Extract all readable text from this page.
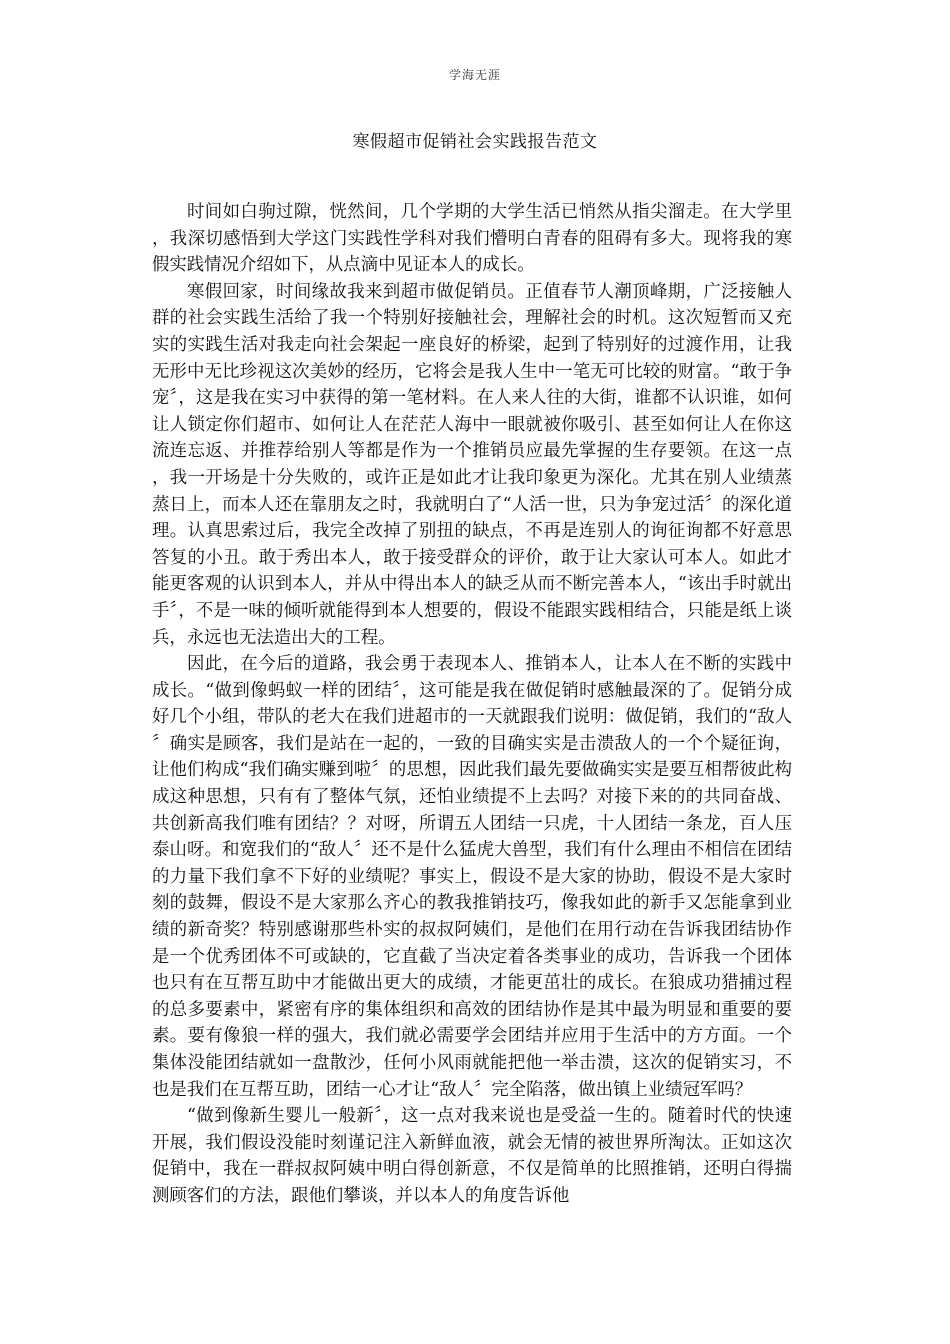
学海无涯
寒假超市促销社会实践报告范文

时间如白驹过隙，恍然间，几个学期的大学生活已悄然从指尖溜走。在大学里，我深切感悟到大学这门实践性学科对我们懵明白青春的阻碍有多大。现将我的寒假实践情况介绍如下，从点滴中见证本人的成长。

寒假回家，时间缘故我来到超市做促销员。正值春节人潮顶峰期，广泛接触人群的社会实践生活给了我一个特别好接触社会，理解社会的时机。这次短暂而又充实的实践生活对我走向社会架起一座良好的桥梁，起到了特别好的过渡作用，让我无形中无比珍视这次美妙的经历，它将会是我人生中一笔无可比较的财富。“敢于争宠〞，这是我在实习中获得的第一笔材料。在人来人往的大街，谁都不认识谁，如何让人锁定你们超市、如何让人在茫茫人海中一眼就被你吸引、甚至如何让人在你这流连忘返、并推荐给别人等都是作为一个推销员应最先掌握的生存要领。在这一点，我一开场是十分失败的，或许正是如此才让我印象更为深化。尤其在别人业绩蒸蒸日上，而本人还在靠朋友之时，我就明白了“人活一世，只为争宠过活〞的深化道理。认真思索过后，我完全改掉了别扭的缺点，不再是连别人的询征询都不好意思答复的小丑。敢于秀出本人，敢于接受群众的评价，敢于让大家认可本人。如此才能更客观的认识到本人，并从中得出本人的缺乏从而不断完善本人，“该出手时就出手〞，不是一味的倾听就能得到本人想要的，假设不能跟实践相结合，只能是纸上谈兵，永远也无法造出大的工程。

因此，在今后的道路，我会勇于表现本人、推销本人，让本人在不断的实践中成长。“做到像蚂蚁一样的团结〞，这可能是我在做促销时感触最深的了。促销分成好几个小组，带队的老大在我们进超市的一天就跟我们说明：做促销，我们的“敌人〞确实是顾客，我们是站在一起的，一致的目确实实是击溃敌人的一个个疑征询，让他们构成“我们确实赚到啦〞的思想，因此我们最先要做确实实是要互相帮彼此构成这种思想，只有有了整体气氛，还怕业绩提不上去吗？对接下来的的共同奋战、共创新高我们唯有团结？？对呀，所谓五人团结一只虎，十人团结一条龙，百人压泰山呀。和宽我们的“敌人〞还不是什么猛虎大兽型，我们有什么理由不相信在团结的力量下我们拿不下好的业绩呢？事实上，假设不是大家的协助，假设不是大家时刻的鼓舞，假设不是大家那么齐心的教我推销技巧，像我如此的新手又怎能拿到业绩的新奇奖？特别感谢那些朴实的叔叔阿姨们，是他们在用行动在告诉我团结协作是一个优秀团体不可或缺的，它直截了当决定着各类事业的成功，告诉我一个团体也只有在互帮互助中才能做出更大的成绩，才能更茁壮的成长。在狼成功猎捕过程的总多要素中，紧密有序的集体组织和高效的团结协作是其中最为明显和重要的要素。要有像狼一样的强大，我们就必需要学会团结并应用于生活中的方方面。一个集体没能团结就如一盘散沙，任何小风雨就能把他一举击溃，这次的促销实习，不也是我们在互帮互助，团结一心才让“敌人〞完全陷落，做出镇上业绩冠军吗？

“做到像新生婴儿一般新〞，这一点对我来说也是受益一生的。随着时代的快速开展，我们假设没能时刻谨记注入新鲜血液，就会无情的被世界所淘汰。正如这次促销中，我在一群叔叔阿姨中明白得创新意，不仅是简单的比照推销，还明白得揣测顾客们的方法，跟他们攀谈，并以本人的角度告诉他
